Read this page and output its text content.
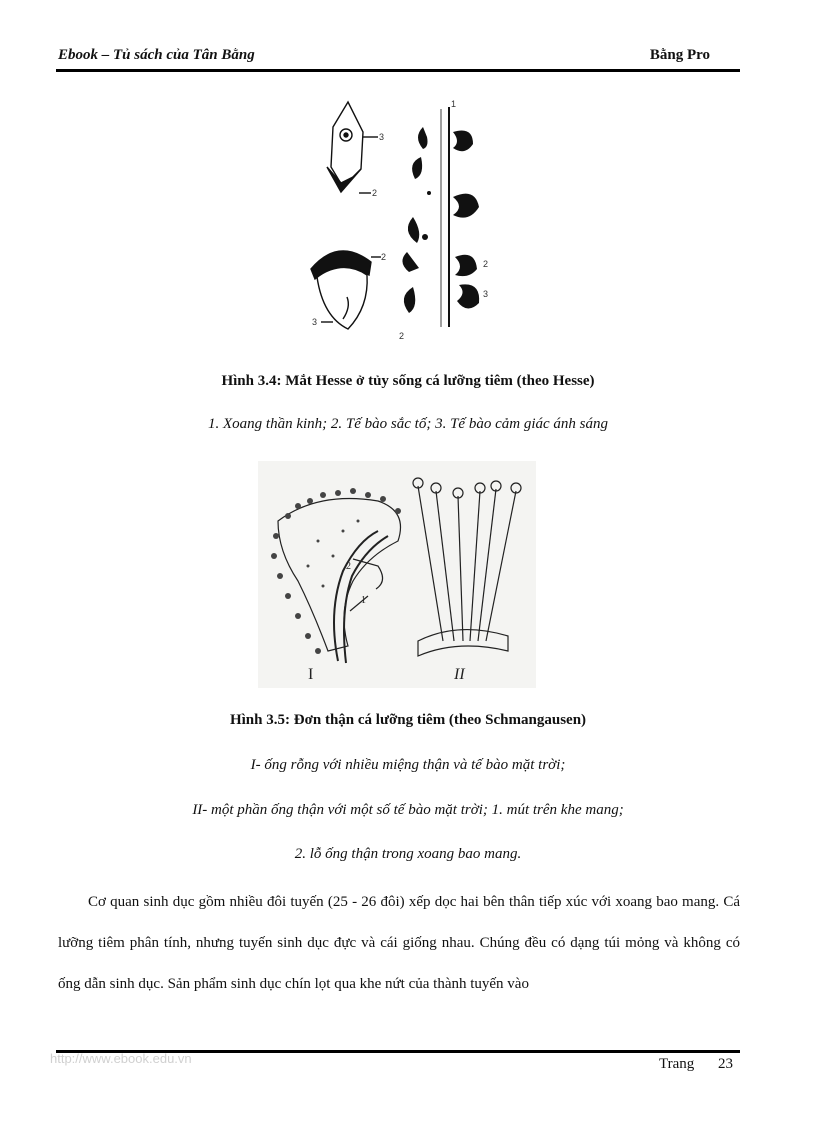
Ebook – Tủ sách của Tân Bằng	Bằng Pro
3
2
2
3
1
2
3
2
Hình 3.4: Mắt Hesse ở tủy sống cá lưỡng tiêm (theo Hesse)
1. Xoang thần kinh; 2. Tế bào sắc tố; 3. Tế bào cảm giác ánh sáng
I	II
1
2
Hình 3.5: Đơn thận cá lưỡng tiêm (theo Schmangausen)
I- ống rỗng với nhiều miệng thận và tế bào mặt trời;
II- một phần ống thận với một số tế bào mặt trời; 1. mút trên khe mang;
2. lỗ ống thận trong xoang bao mang.

Cơ quan sinh dục gồm nhiều đôi tuyến (25 - 26 đôi) xếp dọc hai bên thân tiếp xúc với xoang bao mang. Cá lưỡng tiêm phân tính, nhưng tuyến sinh dục đực và cái giống nhau. Chúng đều có dạng túi mỏng và không có ống dẫn sinh dục. Sản phẩm sinh dục chín lọt qua khe nứt của thành tuyến vào

http://www.ebook.edu.vn	Trang 23
